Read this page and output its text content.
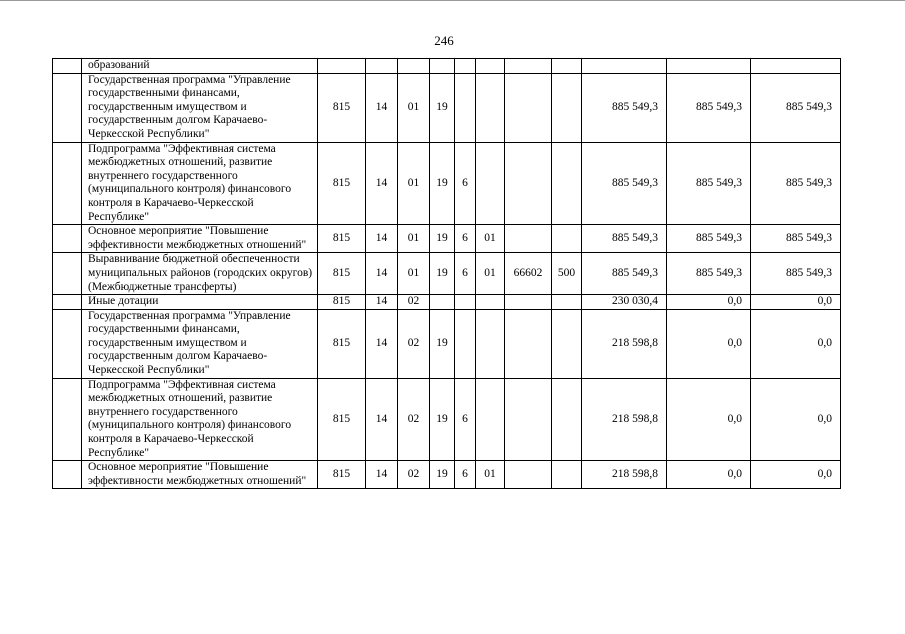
246
	образований											
	Государственная программа "Управление государственными финансами, государственным имуществом и государственным долгом Карачаево-Черкесской Республики"	815	14	01	19					885 549,3	885 549,3	885 549,3
	Подпрограмма "Эффективная система межбюджетных отношений, развитие внутреннего государственного (муниципального контроля) финансового контроля в Карачаево-Черкесской Республике"	815	14	01	19	6				885 549,3	885 549,3	885 549,3
	Основное мероприятие "Повышение эффективности межбюджетных отношений"	815	14	01	19	6	01			885 549,3	885 549,3	885 549,3
	Выравнивание бюджетной обеспеченности муниципальных районов (городских округов) (Межбюджетные трансферты)	815	14	01	19	6	01	66602	500	885 549,3	885 549,3	885 549,3
	Иные дотации	815	14	02						230 030,4	0,0	0,0
	Государственная программа "Управление государственными финансами, государственным имуществом и государственным долгом Карачаево-Черкесской Республики"	815	14	02	19					218 598,8	0,0	0,0
	Подпрограмма "Эффективная система межбюджетных отношений, развитие внутреннего государственного (муниципального контроля) финансового контроля в Карачаево-Черкесской Республике"	815	14	02	19	6				218 598,8	0,0	0,0
	Основное мероприятие "Повышение эффективности межбюджетных отношений"	815	14	02	19	6	01			218 598,8	0,0	0,0
